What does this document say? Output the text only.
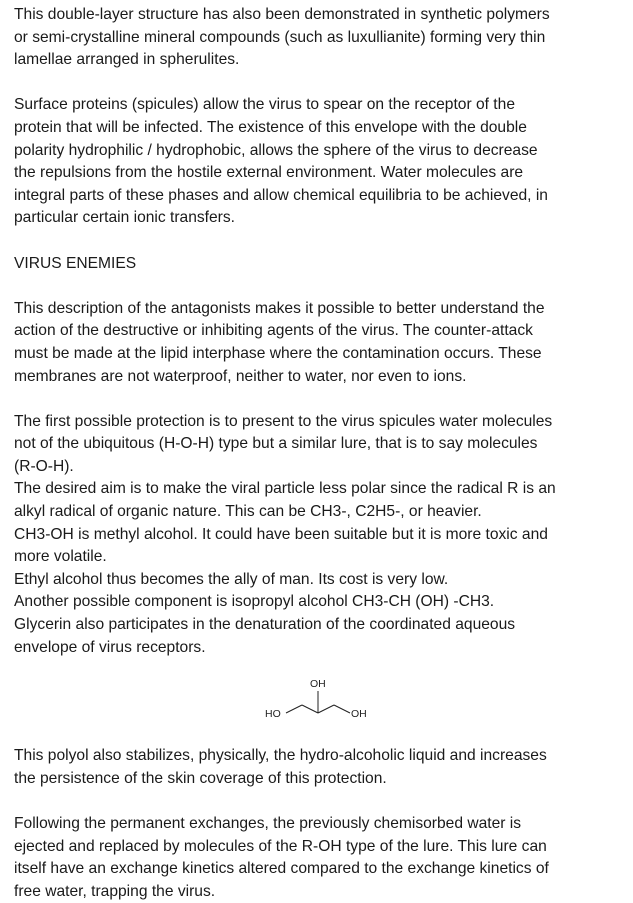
This double-layer structure has also been demonstrated in synthetic polymers
or semi-crystalline mineral compounds (such as luxullianite) forming very thin
lamellae arranged in spherulites.

Surface proteins (spicules) allow the virus to spear on the receptor of the
protein that will be infected. The existence of this envelope with the double
polarity hydrophilic / hydrophobic, allows the sphere of the virus to decrease
the repulsions from the hostile external environment. Water molecules are
integral parts of these phases and allow chemical equilibria to be achieved, in
particular certain ionic transfers.

VIRUS ENEMIES

This description of the antagonists makes it possible to better understand the
action of the destructive or inhibiting agents of the virus. The counter-attack
must be made at the lipid interphase where the contamination occurs. These
membranes are not waterproof, neither to water, nor even to ions.

The first possible protection is to present to the virus spicules water molecules
not of the ubiquitous (H-O-H) type but a similar lure, that is to say molecules
(R-O-H).
The desired aim is to make the viral particle less polar since the radical R is an
alkyl radical of organic nature. This can be CH3-, C2H5-, or heavier.
CH3-OH is methyl alcohol. It could have been suitable but it is more toxic and
more volatile.
Ethyl alcohol thus becomes the ally of man. Its cost is very low.
Another possible component is isopropyl alcohol CH3-CH (OH) -CH3.
Glycerin also participates in the denaturation of the coordinated aqueous
envelope of virus receptors.

HO
OH
OH

This polyol also stabilizes, physically, the hydro-alcoholic liquid and increases
the persistence of the skin coverage of this protection.

Following the permanent exchanges, the previously chemisorbed water is
ejected and replaced by molecules of the R-OH type of the lure. This lure can
itself have an exchange kinetics altered compared to the exchange kinetics of
free water, trapping the virus.
